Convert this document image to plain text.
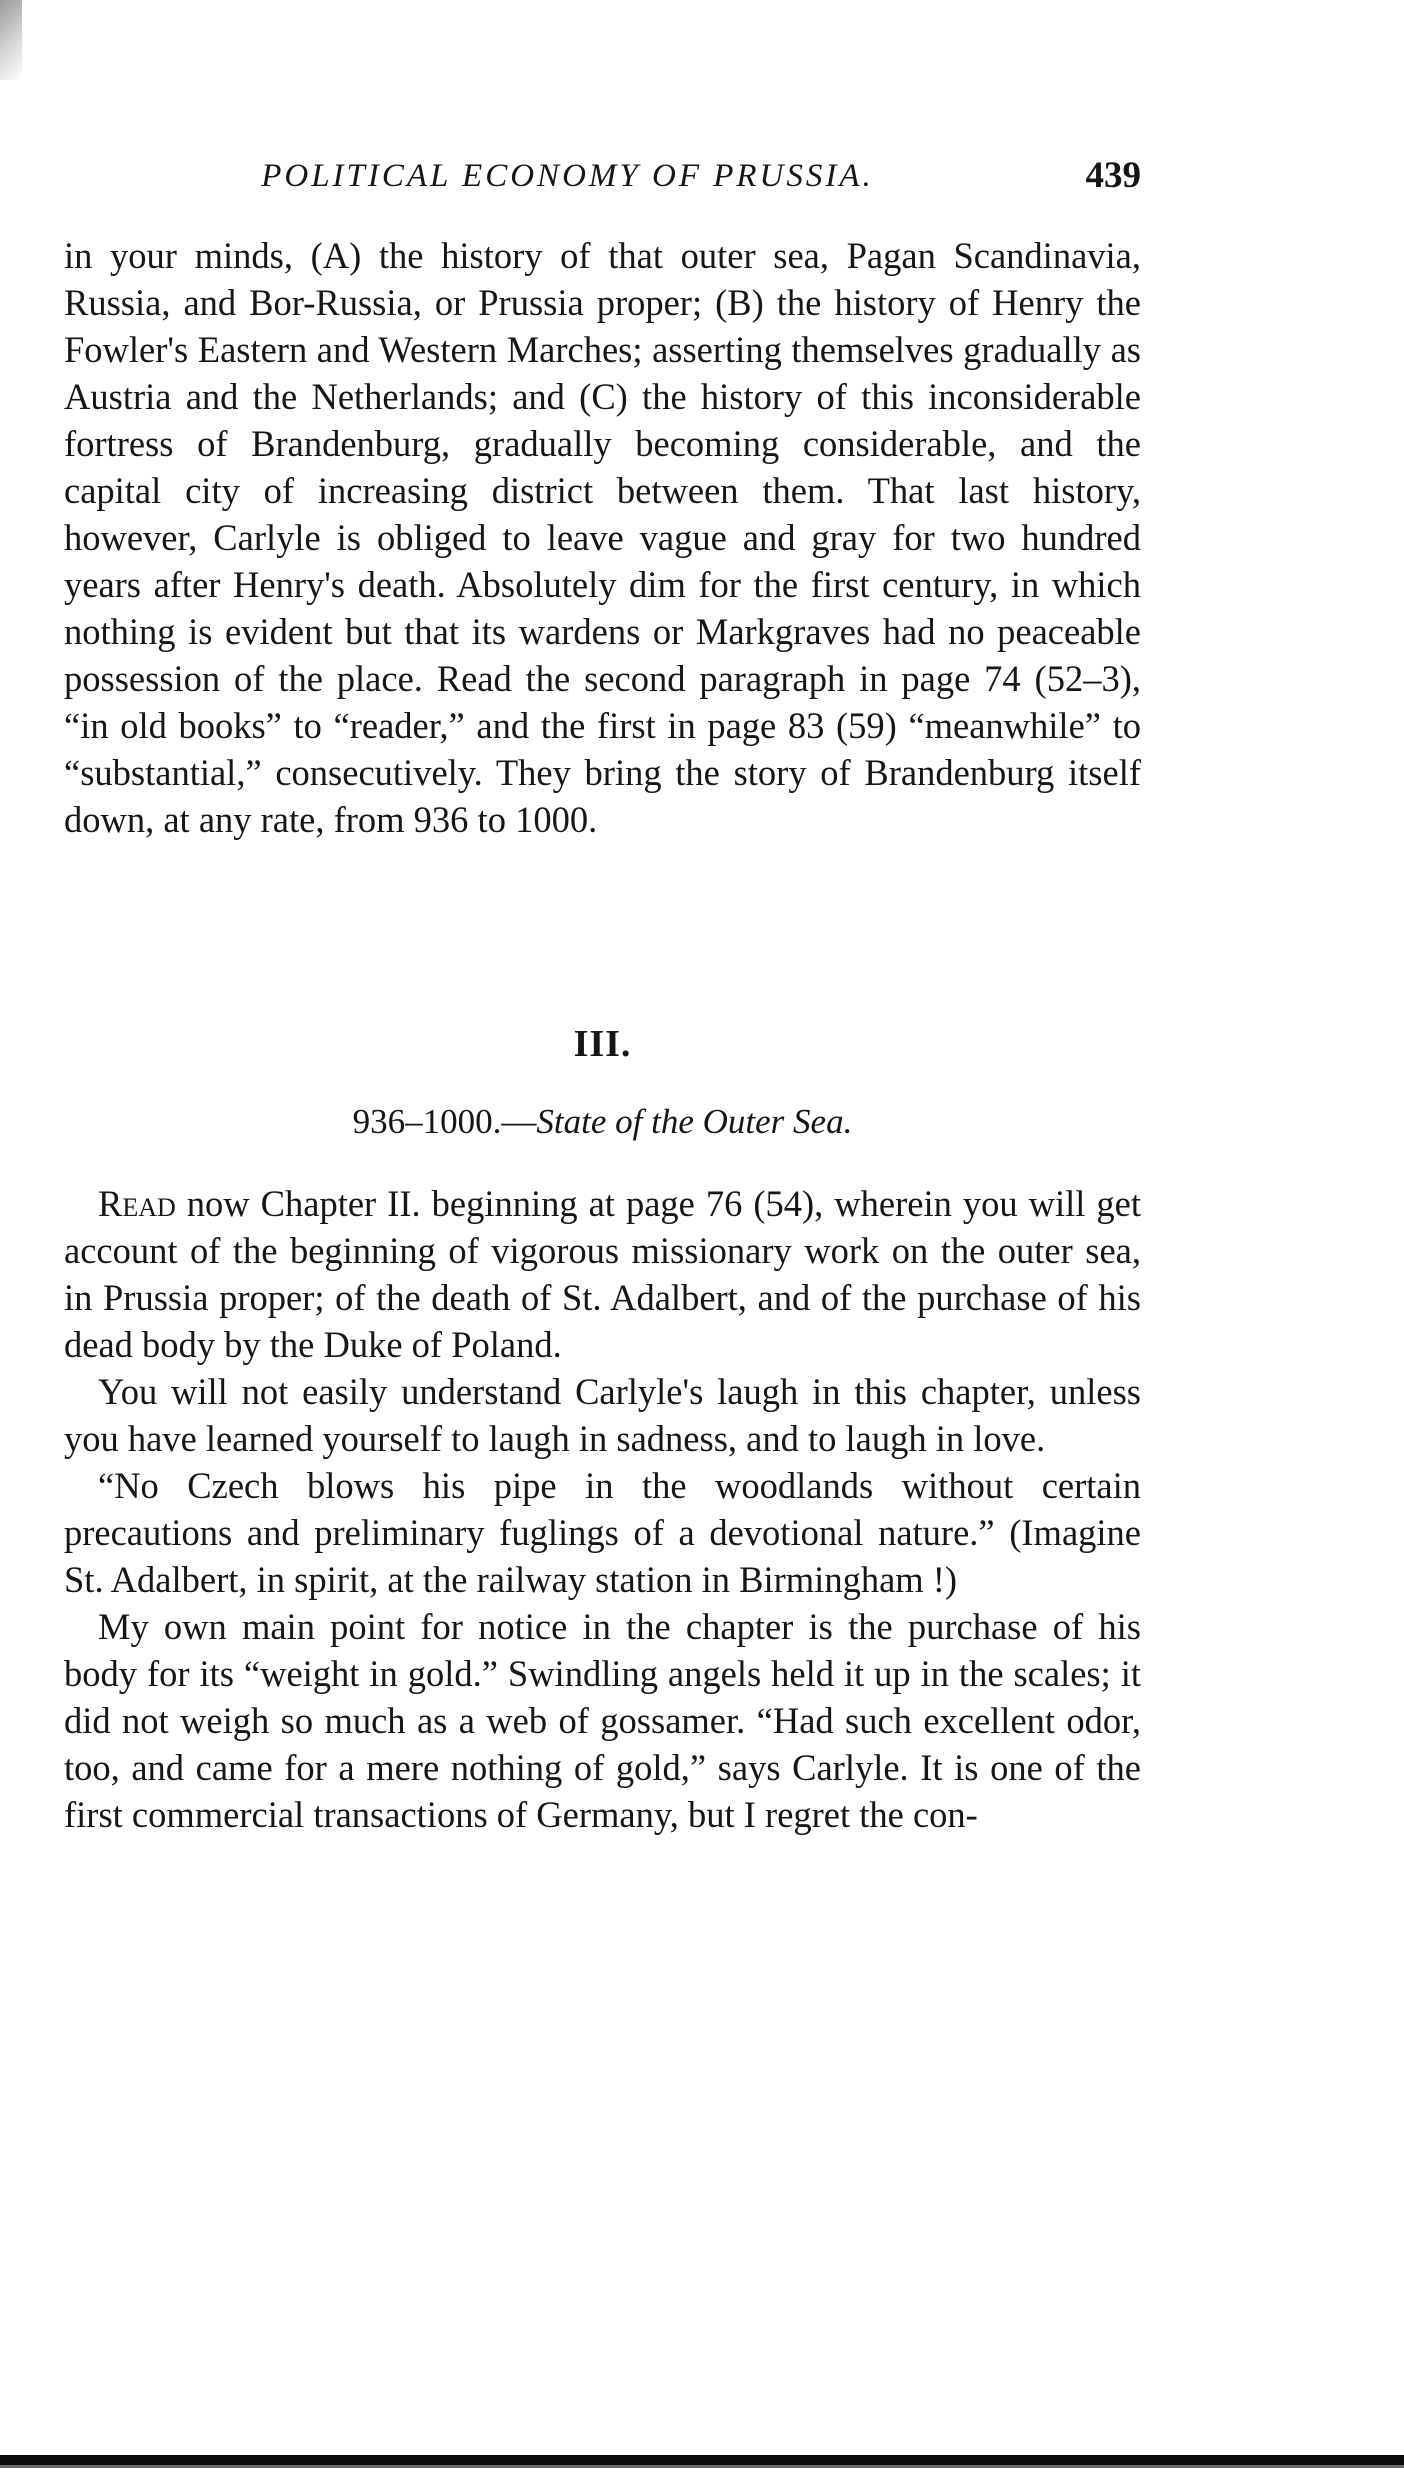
POLITICAL ECONOMY OF PRUSSIA.	439

in your minds, (A) the history of that outer sea, Pagan Scandinavia, Russia, and Bor-Russia, or Prussia proper; (B) the history of Henry the Fowler's Eastern and Western Marches; asserting themselves gradually as Austria and the Netherlands; and (C) the history of this inconsiderable fortress of Brandenburg, gradually becoming considerable, and the capital city of increasing district between them. That last history, however, Carlyle is obliged to leave vague and gray for two hundred years after Henry's death. Absolutely dim for the first century, in which nothing is evident but that its wardens or Markgraves had no peaceable possession of the place. Read the second paragraph in page 74 (52–3), “in old books” to “reader,” and the first in page 83 (59) “meanwhile” to “substantial,” consecutively. They bring the story of Brandenburg itself down, at any rate, from 936 to 1000.

III.
936–1000.—State of the Outer Sea.

Read now Chapter II. beginning at page 76 (54), wherein you will get account of the beginning of vigorous missionary work on the outer sea, in Prussia proper; of the death of St. Adalbert, and of the purchase of his dead body by the Duke of Poland.

You will not easily understand Carlyle's laugh in this chapter, unless you have learned yourself to laugh in sadness, and to laugh in love.

“No Czech blows his pipe in the woodlands without certain precautions and preliminary fuglings of a devotional nature.” (Imagine St. Adalbert, in spirit, at the railway station in Birmingham !)

My own main point for notice in the chapter is the purchase of his body for its “weight in gold.” Swindling angels held it up in the scales; it did not weigh so much as a web of gossamer. “Had such excellent odor, too, and came for a mere nothing of gold,” says Carlyle. It is one of the first commercial transactions of Germany, but I regret the con-
